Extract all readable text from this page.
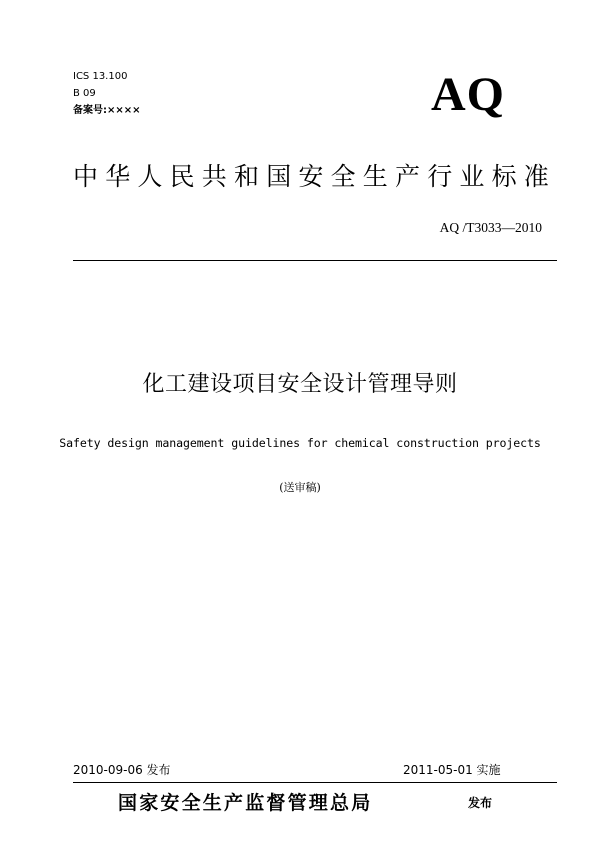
ICS 13.100
B 09
备案号:××××	AQ
中华人民共和国安全生产行业标准
AQ /T3033—2010
化工建设项目安全设计管理导则
Safety design management guidelines for chemical construction projects
(送审稿)
2010-09-06 发布	2011-05-01 实施
国家安全生产监督管理总局	发布
